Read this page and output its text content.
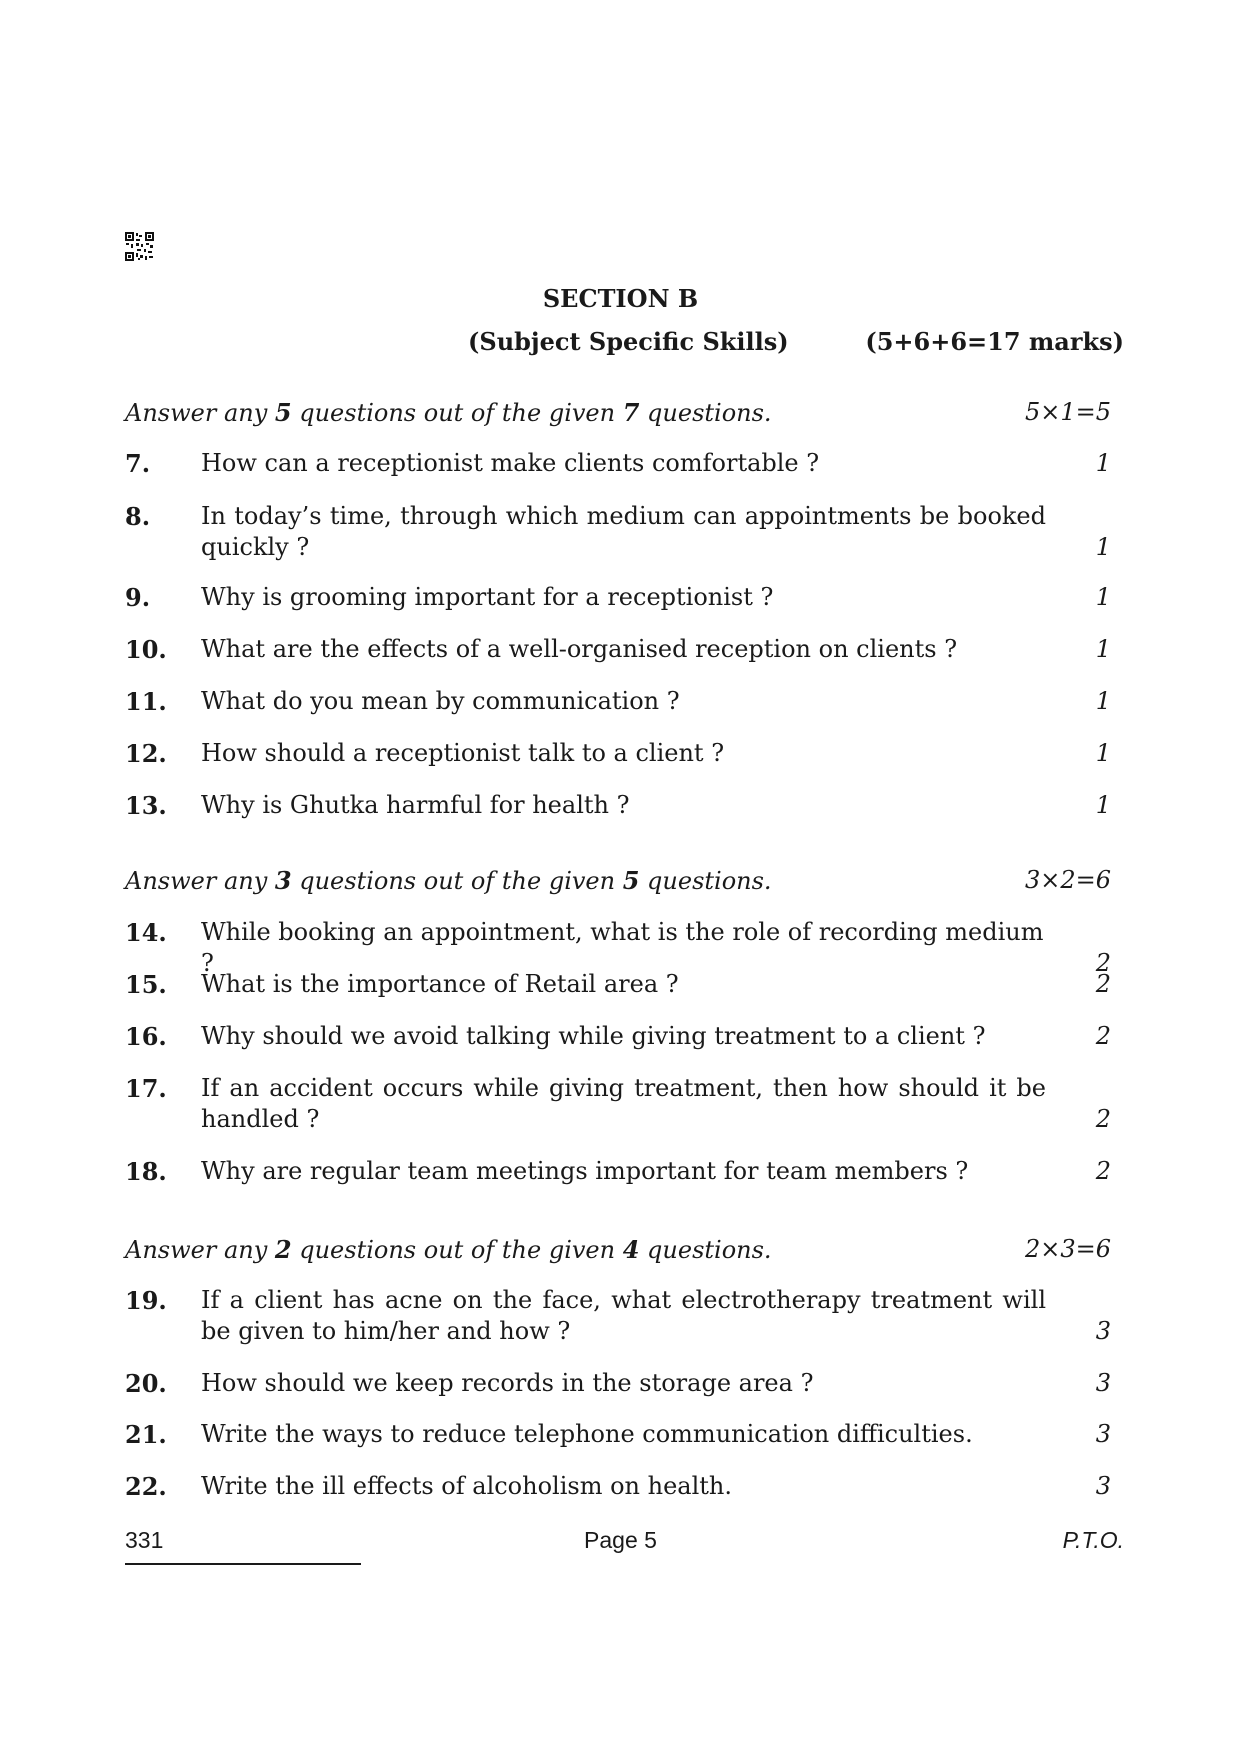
SECTION B
(Subject Specific Skills)	(5+6+6=17 marks)
Answer any 5 questions out of the given 7 questions.	5×1=5
7. How can a receptionist make clients comfortable ?	1
8. In today’s time, through which medium can appointments be booked quickly ?	1
9. Why is grooming important for a receptionist ?	1
10. What are the effects of a well-organised reception on clients ?	1
11. What do you mean by communication ?	1
12. How should a receptionist talk to a client ?	1
13. Why is Ghutka harmful for health ?	1
Answer any 3 questions out of the given 5 questions.	3×2=6
14. While booking an appointment, what is the role of recording medium ?	2
15. What is the importance of Retail area ?	2
16. Why should we avoid talking while giving treatment to a client ?	2
17. If an accident occurs while giving treatment, then how should it be handled ?	2
18. Why are regular team meetings important for team members ?	2
Answer any 2 questions out of the given 4 questions.	2×3=6
19. If a client has acne on the face, what electrotherapy treatment will be given to him/her and how ?	3
20. How should we keep records in the storage area ?	3
21. Write the ways to reduce telephone communication difficulties.	3
22. Write the ill effects of alcoholism on health.	3
331	Page 5	P.T.O.
